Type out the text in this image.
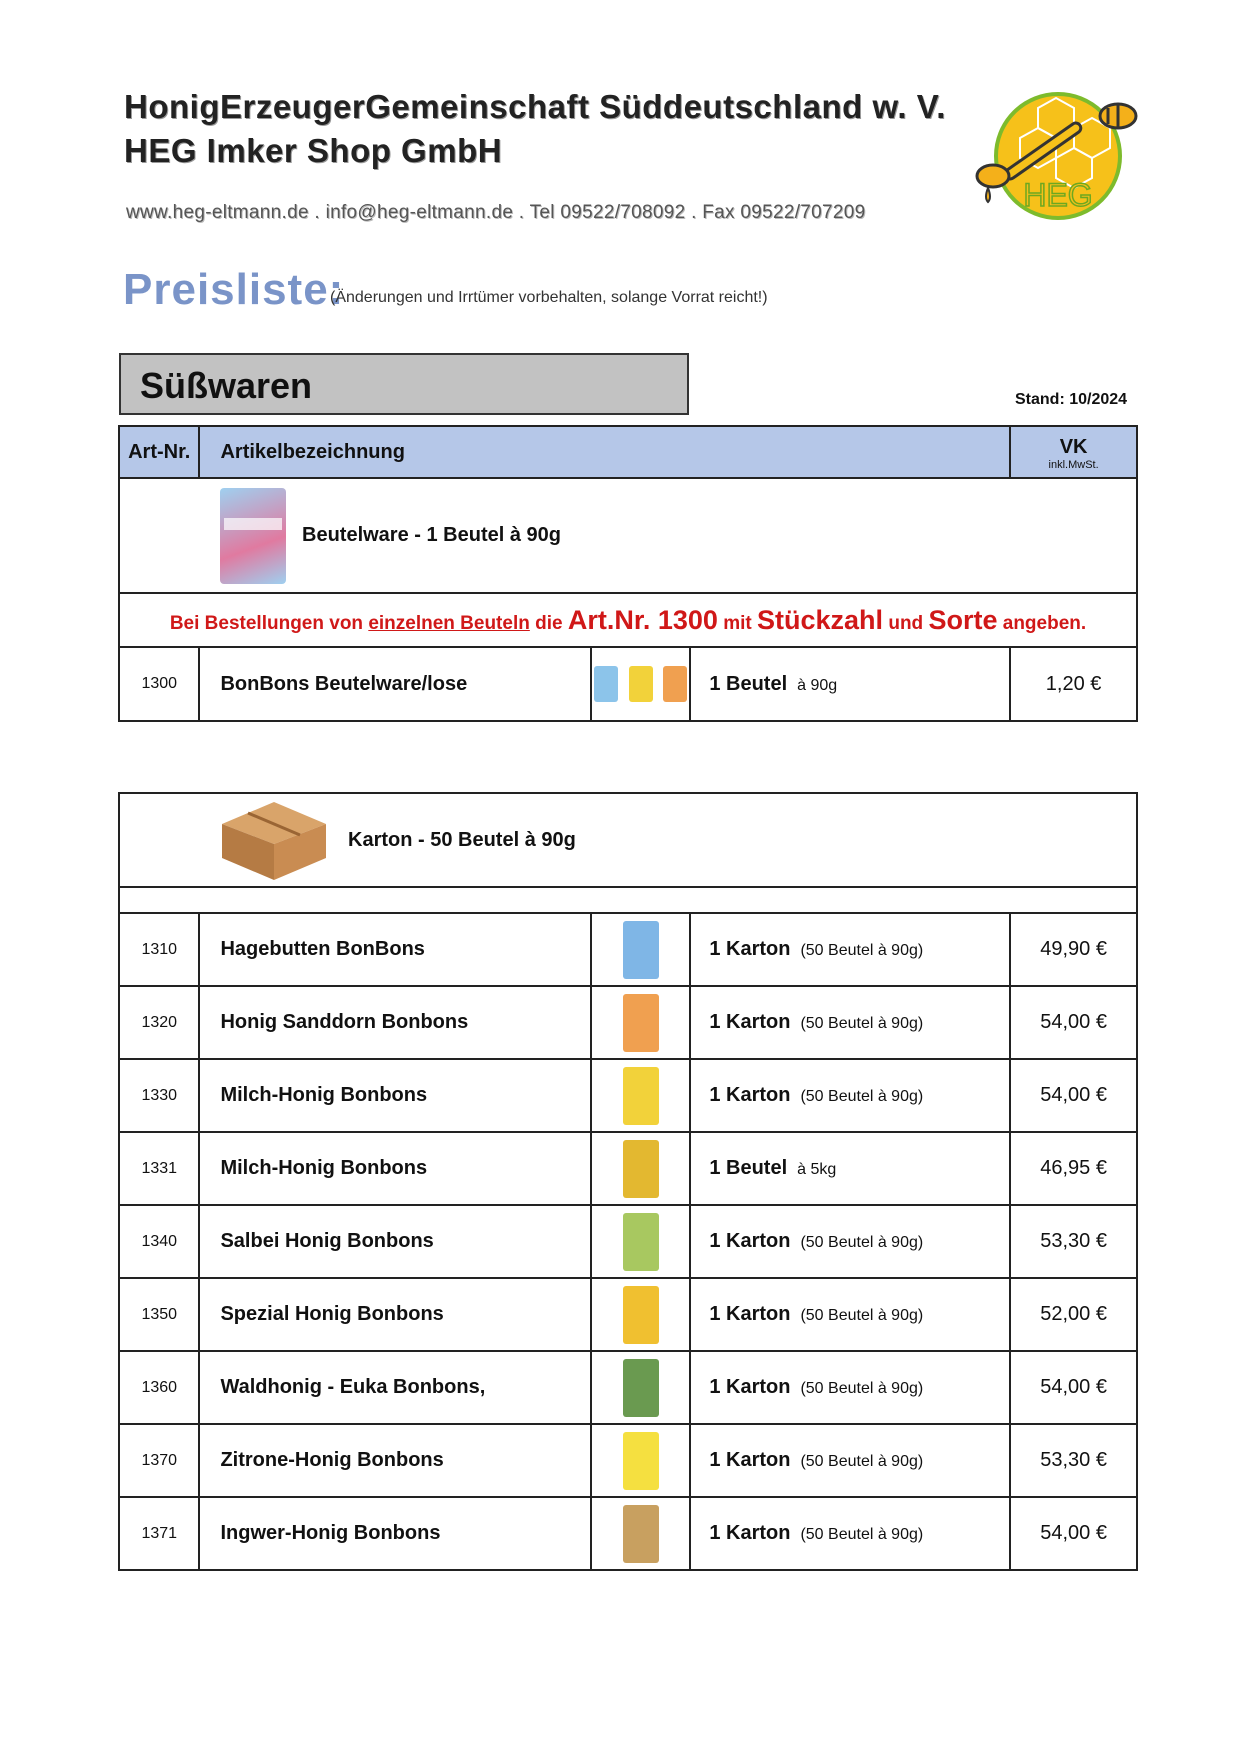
HonigErzeugerGemeinschaft Süddeutschland w. V.
HEG Imker Shop GmbH
www.heg-eltmann.de . info@heg-eltmann.de . Tel 09522/708092 . Fax 09522/707209	HEG
Preisliste:
(Änderungen und Irrtümer vorbehalten, solange Vorrat reicht!)
Süßwaren	Stand: 10/2024
Art-Nr.	Artikelbezeichnung			VK
inkl.MwSt.

Beutelware - 1 Beutel à 90g				

Bei Bestellungen von einzelnen Beuteln die Art.Nr. 1300 mit Stückzahl und Sorte angeben.				
1300	BonBons Beutelware/lose		1 Beutel à 90g	1,20 €
Karton - 50 Beutel à 90g				

1310	Hagebutten BonBons		1 Karton (50 Beutel à 90g)	49,90 €
1320	Honig Sanddorn Bonbons		1 Karton (50 Beutel à 90g)	54,00 €
1330	Milch-Honig Bonbons		1 Karton (50 Beutel à 90g)	54,00 €
1331	Milch-Honig Bonbons		1 Beutel à 5kg	46,95 €
1340	Salbei Honig Bonbons		1 Karton (50 Beutel à 90g)	53,30 €
1350	Spezial Honig Bonbons		1 Karton (50 Beutel à 90g)	52,00 €
1360	Waldhonig - Euka Bonbons,		1 Karton (50 Beutel à 90g)	54,00 €
1370	Zitrone-Honig Bonbons		1 Karton (50 Beutel à 90g)	53,30 €
1371	Ingwer-Honig Bonbons		1 Karton (50 Beutel à 90g)	54,00 €
